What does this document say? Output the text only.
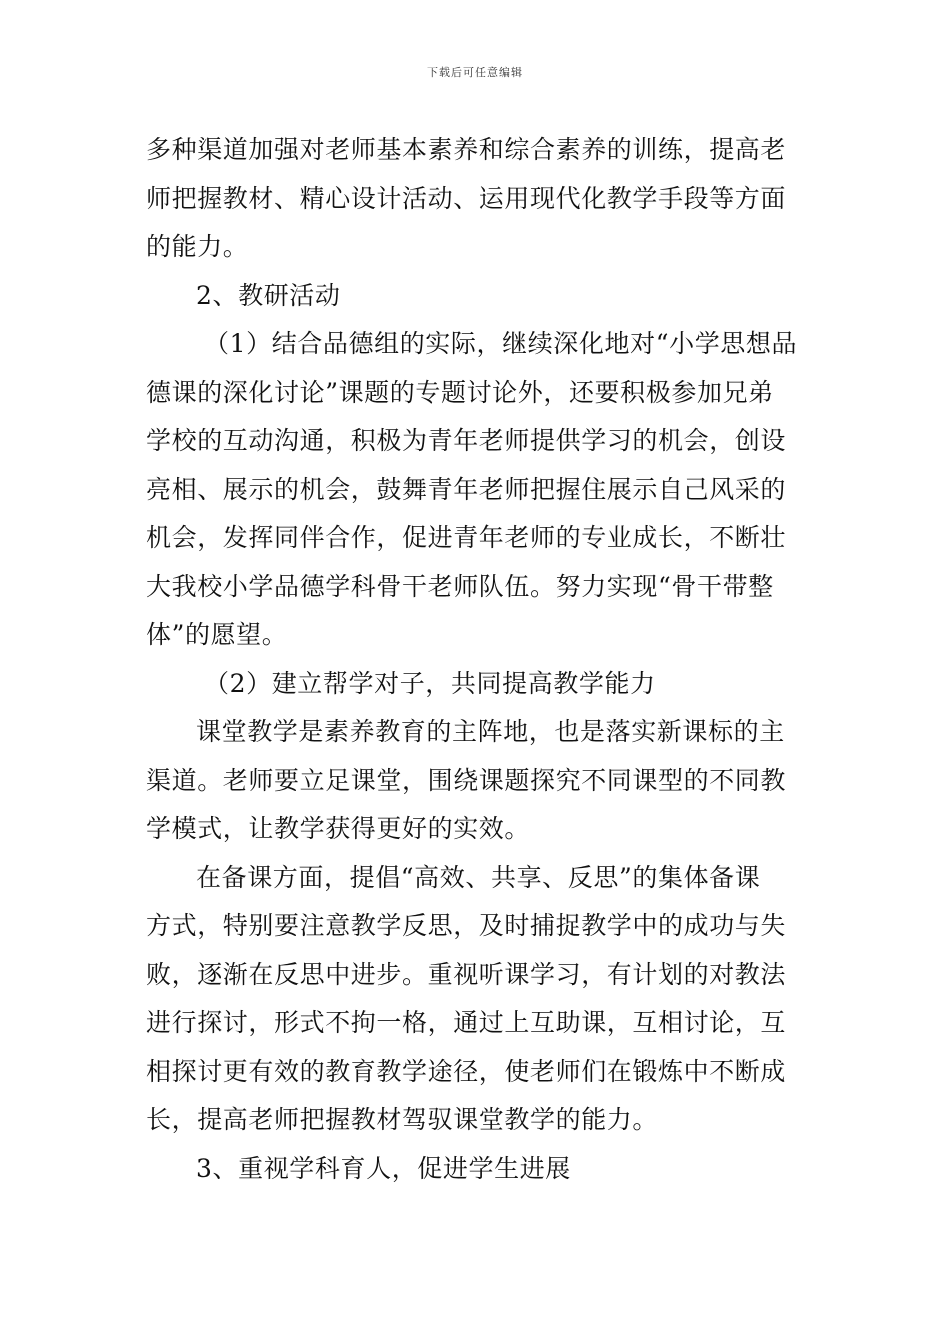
下载后可任意编辑
多种渠道加强对老师基本素养和综合素养的训练，提高老
师把握教材、精心设计活动、运用现代化教学手段等方面
的能力。
2、教研活动
（1）结合品德组的实际，继续深化地对“小学思想品
德课的深化讨论”课题的专题讨论外，还要积极参加兄弟
学校的互动沟通，积极为青年老师提供学习的机会，创设
亮相、展示的机会，鼓舞青年老师把握住展示自己风采的
机会，发挥同伴合作，促进青年老师的专业成长，不断壮
大我校小学品德学科骨干老师队伍。努力实现“骨干带整
体”的愿望。
（2）建立帮学对子，共同提高教学能力
课堂教学是素养教育的主阵地，也是落实新课标的主
渠道。老师要立足课堂，围绕课题探究不同课型的不同教
学模式，让教学获得更好的实效。
在备课方面，提倡“高效、共享、反思”的集体备课
方式，特别要注意教学反思，及时捕捉教学中的成功与失
败，逐渐在反思中进步。重视听课学习，有计划的对教法
进行探讨，形式不拘一格，通过上互助课，互相讨论，互
相探讨更有效的教育教学途径，使老师们在锻炼中不断成
长，提高老师把握教材驾驭课堂教学的能力。
3、重视学科育人，促进学生进展
